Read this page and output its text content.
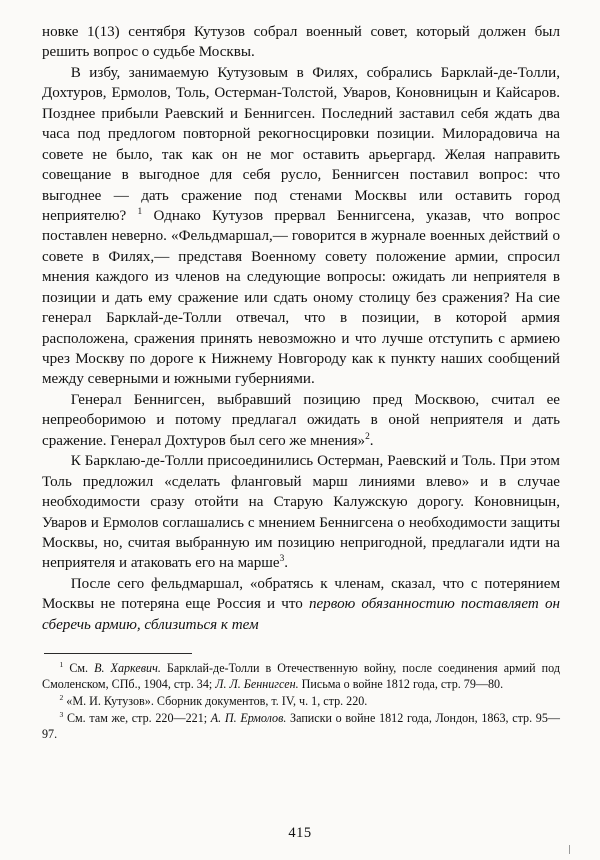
новке 1(13) сентября Кутузов собрал военный совет, который должен был решить вопрос о судьбе Москвы.

В избу, занимаемую Кутузовым в Филях, собрались Барклай-де-Толли, Дохтуров, Ермолов, Толь, Остерман-Толстой, Уваров, Коновницын и Кайсаров. Позднее прибыли Раевский и Беннигсен. Последний заставил себя ждать два часа под предлогом повторной рекогносцировки позиции. Милорадовича на совете не было, так как он не мог оставить арьергард. Желая направить совещание в выгодное для себя русло, Беннигсен поставил вопрос: что выгоднее — дать сражение под стенами Москвы или оставить город неприятелю? $^1$ Однако Кутузов прервал Беннигсена, указав, что вопрос поставлен неверно. «Фельдмаршал,— говорится в журнале военных действий о совете в Филях,— представя Военному совету положение армии, спросил мнения каждого из членов на следующие вопросы: ожидать ли неприятеля в позиции и дать ему сражение или сдать оному столицу без сражения? На сие генерал Барклай-де-Толли отвечал, что в позиции, в которой армия расположена, сражения принять невозможно и что лучше отступить с армиею чрез Москву по дороге к Нижнему Новгороду как к пункту наших сообщений между северными и южными губерниями.

Генерал Беннигсен, выбравший позицию пред Москвою, считал ее непреоборимою и потому предлагал ожидать в оной неприятеля и дать сражение. Генерал Дохтуров был сего же мнения»$^2$.

К Барклаю-де-Толли присоединились Остерман, Раевский и Толь. При этом Толь предложил «сделать фланговый марш линиями влево» и в случае необходимости сразу отойти на Старую Калужскую дорогу. Коновницын, Уваров и Ермолов соглашались с мнением Беннигсена о необходимости защиты Москвы, но, считая выбранную им позицию непригодной, предлагали идти на неприятеля и атаковать его на марше$^3$.

После сего фельдмаршал, «обратясь к членам, сказал, что с потерянием Москвы не потеряна еще Россия и что первою обязанностию поставляет он сберечь армию, сблизиться к тем

$^1$ См. В. Харкевич. Барклай-де-Толли в Отечественную войну, после соединения армий под Смоленском, СПб., 1904, стр. 34; Л. Л. Беннигсен. Письма о войне 1812 года, стр. 79—80.

$^2$ «М. И. Кутузов». Сборник документов, т. IV, ч. 1, стр. 220.

$^3$ См. там же, стр. 220—221; А. П. Ермолов. Записки о войне 1812 года, Лондон, 1863, стр. 95—97.

415
